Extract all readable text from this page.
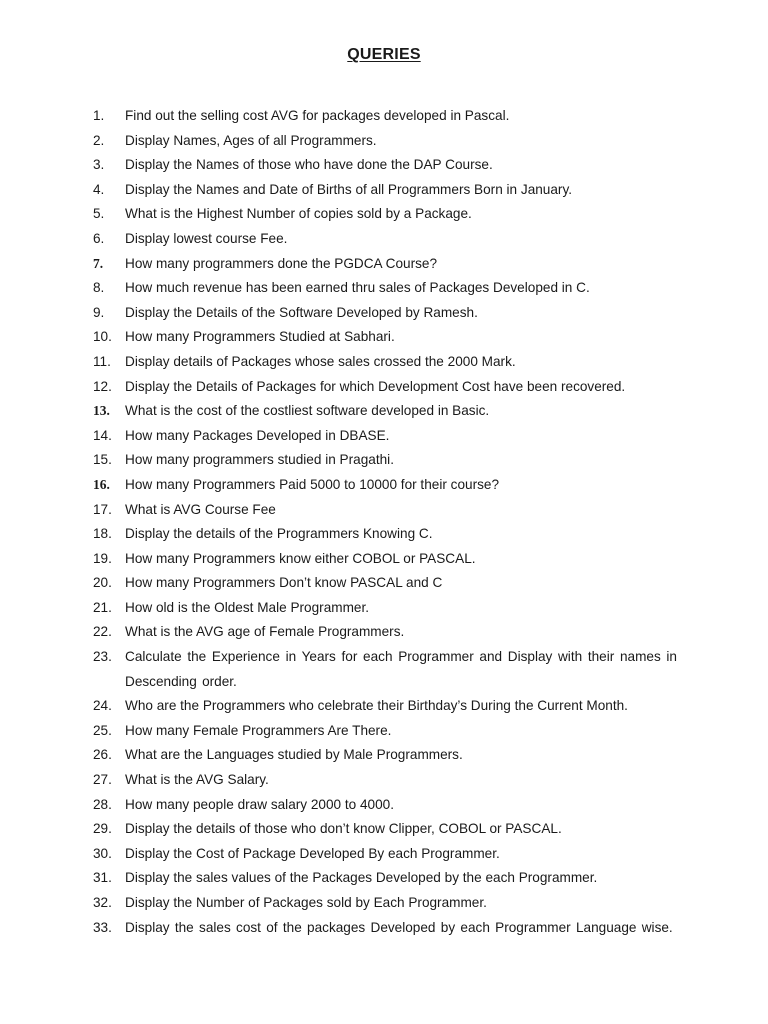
QUERIES
1.	Find out the selling cost AVG for packages developed in Pascal.
2.	Display Names, Ages of all Programmers.
3.	Display the Names of those who have done the DAP Course.
4.	Display the Names and Date of Births of all Programmers Born in January.
5.	What is the Highest Number of copies sold by a Package.
6.	Display lowest course Fee.
7.	How many programmers done the PGDCA Course?
8.	How much revenue has been earned thru sales of Packages Developed in C.
9.	Display the Details of the Software Developed by Ramesh.
10. How many Programmers Studied at Sabhari.
11.	Display details of Packages whose sales crossed the 2000 Mark.
12. Display the Details of Packages for which Development Cost have been recovered.
13.	What is the cost of the costliest software developed in Basic.
14. How many Packages Developed in DBASE.
15. How many programmers studied in Pragathi.
16.	How many Programmers Paid 5000 to 10000 for their course?
17. What is AVG Course Fee
18. Display the details of the Programmers Knowing C.
19. How many Programmers know either COBOL or PASCAL.
20. How many Programmers Don’t know PASCAL and C
21. How old is the Oldest Male Programmer.
22. What is the AVG age of Female Programmers.
23. Calculate the Experience in Years for each Programmer and Display with their names in Descending order.
24. Who are the Programmers who celebrate their Birthday’s During the Current Month.
25. How many Female Programmers Are There.
26. What are the Languages studied by Male Programmers.
27. What is the AVG Salary.
28. How many people draw salary 2000 to 4000.
29. Display the details of those who don’t know Clipper, COBOL or PASCAL.
30. Display the Cost of Package Developed By each Programmer.
31. Display the sales values of the Packages Developed by the each Programmer.
32. Display the Number of Packages sold by Each Programmer.
33. Display the sales cost of the packages Developed by each Programmer Language wise.
